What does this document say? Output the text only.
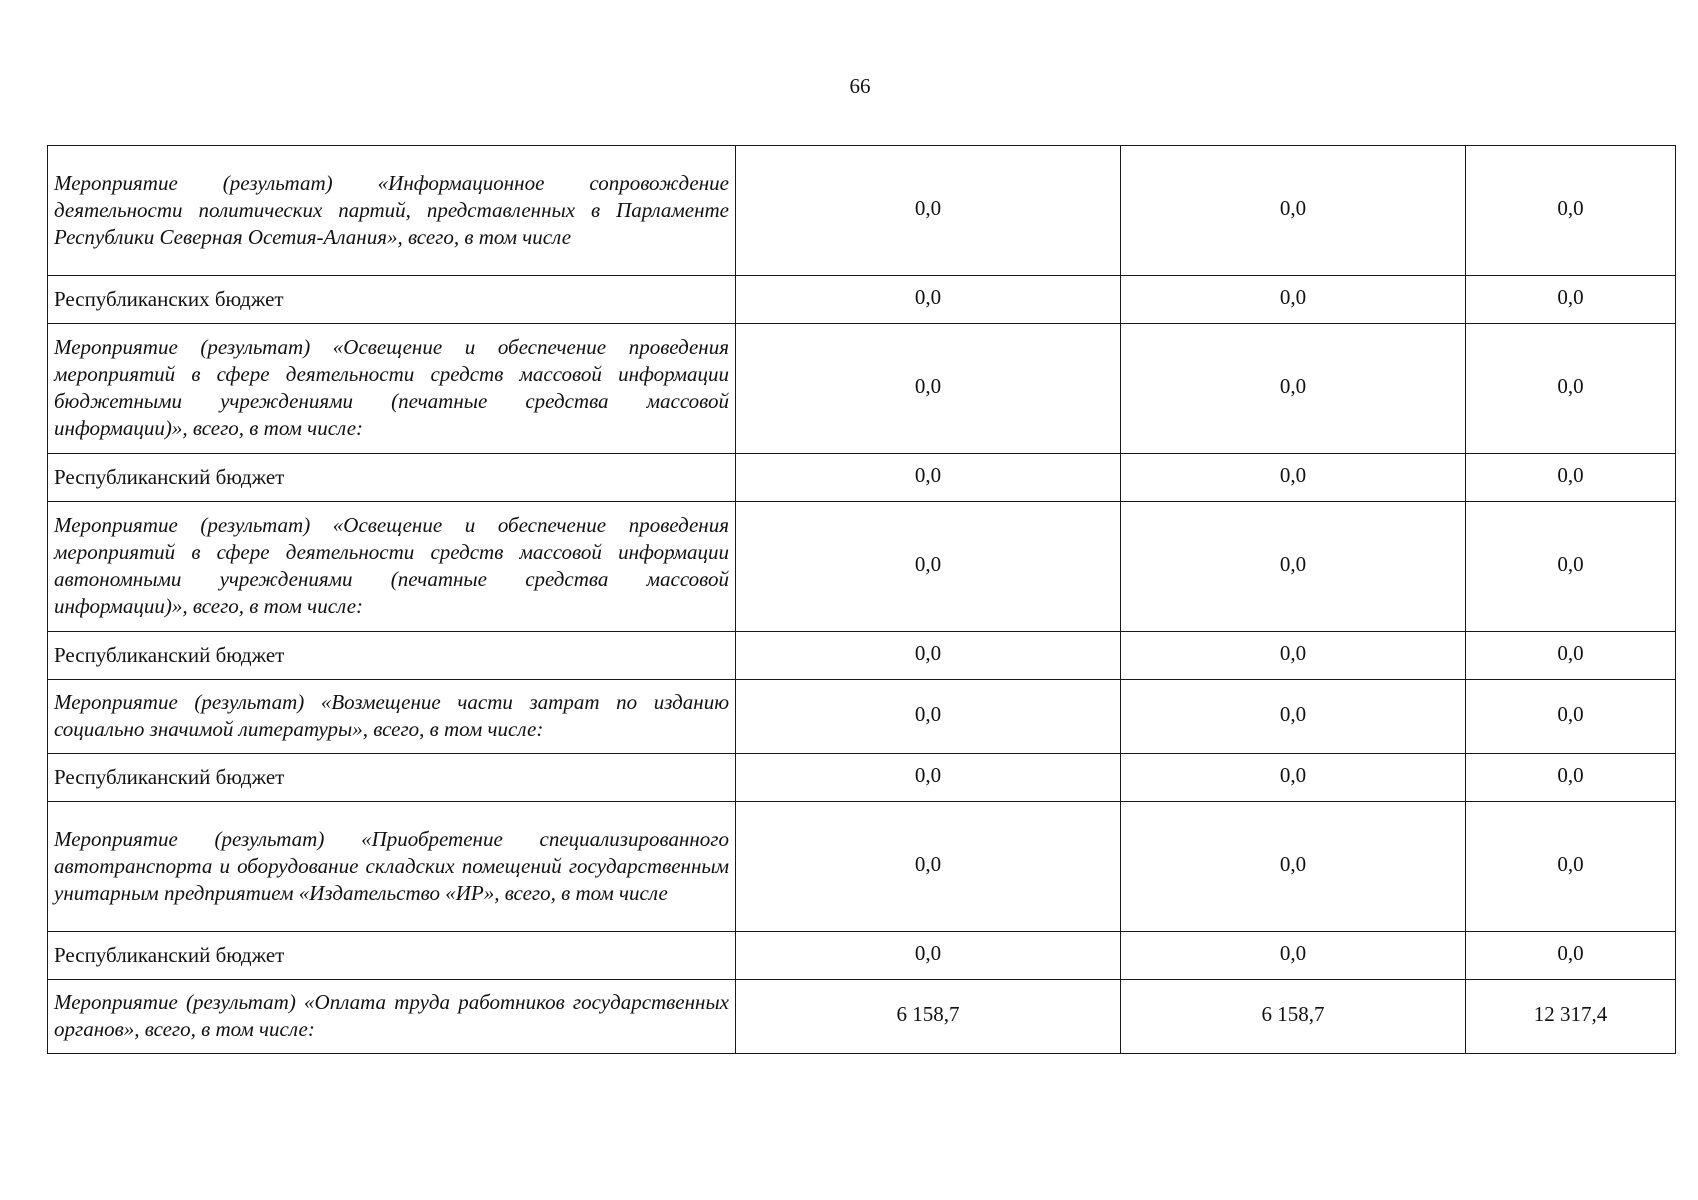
66
Мероприятие (результат) «Информационное сопровождение деятельности политических партий, представленных в Парламенте Республики Северная Осетия-Алания», всего, в том числе	0,0	0,0	0,0
Республиканских бюджет	0,0	0,0	0,0
Мероприятие (результат) «Освещение и обеспечение проведения мероприятий в сфере деятельности средств массовой информации бюджетными учреждениями (печатные средства массовой информации)», всего, в том числе:	0,0	0,0	0,0
Республиканский бюджет	0,0	0,0	0,0
Мероприятие (результат) «Освещение и обеспечение проведения мероприятий в сфере деятельности средств массовой информации автономными учреждениями (печатные средства массовой информации)», всего, в том числе:	0,0	0,0	0,0
Республиканский бюджет	0,0	0,0	0,0
Мероприятие (результат) «Возмещение части затрат по изданию социально значимой литературы», всего, в том числе:	0,0	0,0	0,0
Республиканский бюджет	0,0	0,0	0,0
Мероприятие (результат) «Приобретение специализированного автотранспорта и оборудование складских помещений государственным унитарным предприятием «Издательство «ИР», всего, в том числе	0,0	0,0	0,0
Республиканский бюджет	0,0	0,0	0,0
Мероприятие (результат) «Оплата труда работников государственных органов», всего, в том числе:	6 158,7	6 158,7	12 317,4
